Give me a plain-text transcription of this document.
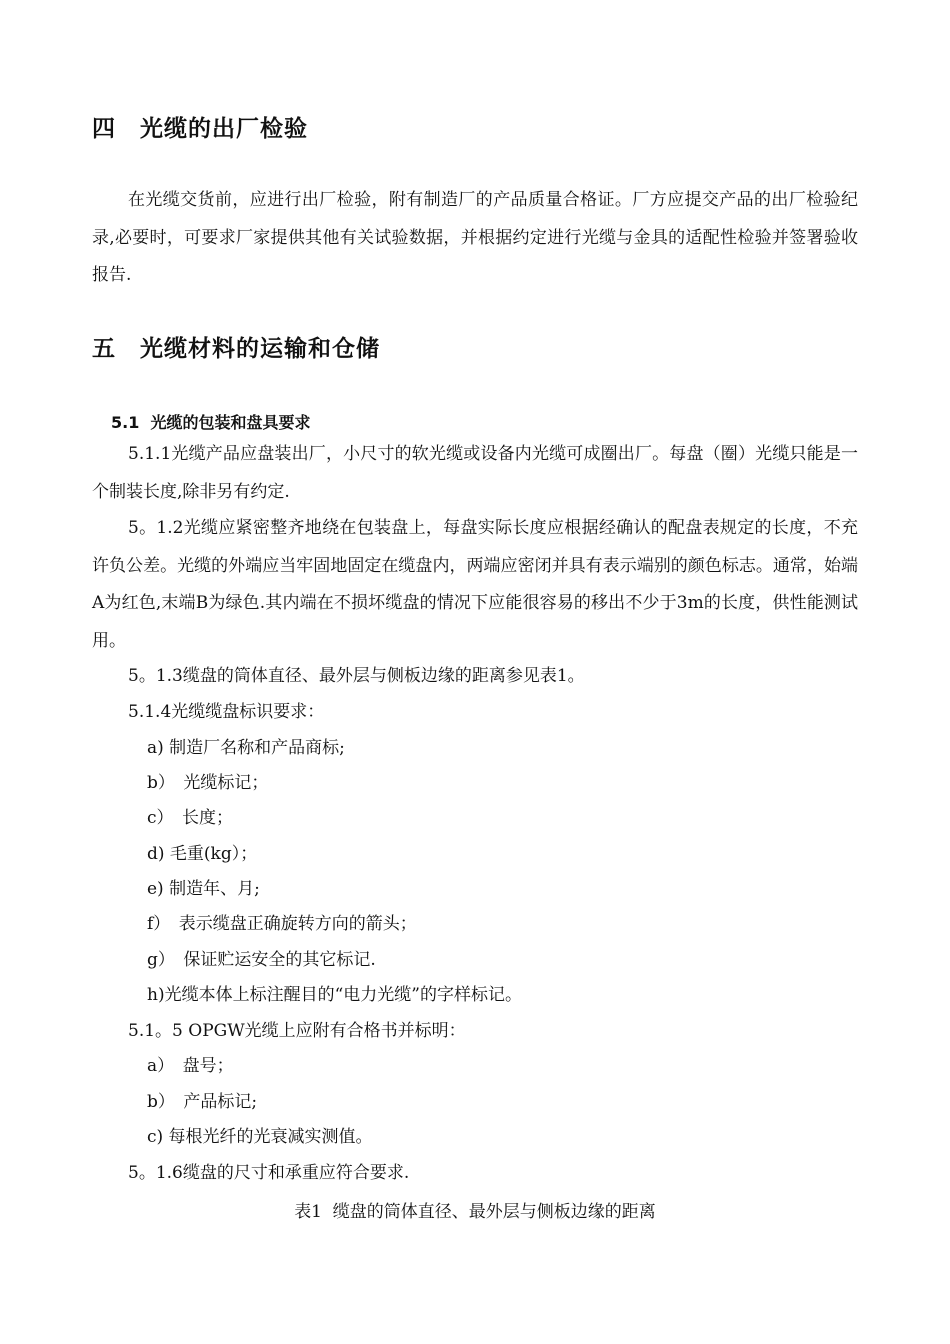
四　光缆的出厂检验
在光缆交货前，应进行出厂检验，附有制造厂的产品质量合格证。厂方应提交产品的出厂检验纪录,必要时，可要求厂家提供其他有关试验数据，并根据约定进行光缆与金具的适配性检验并签署验收报告.
五　光缆材料的运输和仓储
5.1  光缆的包装和盘具要求
5.1.1光缆产品应盘装出厂，小尺寸的软光缆或设备内光缆可成圈出厂。每盘（圈）光缆只能是一个制装长度,除非另有约定.
5。1.2光缆应紧密整齐地绕在包装盘上，每盘实际长度应根据经确认的配盘表规定的长度，不充许负公差。光缆的外端应当牢固地固定在缆盘内，两端应密闭并具有表示端别的颜色标志。通常，始端A为红色,末端B为绿色.其内端在不损坏缆盘的情况下应能很容易的移出不少于3m的长度，供性能测试用。
5。1.3缆盘的筒体直径、最外层与侧板边缘的距离参见表1。
5.1.4光缆缆盘标识要求：
a) 制造厂名称和产品商标;
b）　光缆标记；
c）　长度；
d) 毛重(kg）；
e) 制造年、月;
f）　表示缆盘正确旋转方向的箭头；
g）　保证贮运安全的其它标记.
h)光缆本体上标注醒目的“电力光缆”的字样标记。
5.1。5 OPGW光缆上应附有合格书并标明：
a）　盘号；
b）　产品标记;
c) 每根光纤的光衰减实测值。
5。1.6缆盘的尺寸和承重应符合要求.
表1  缆盘的筒体直径、最外层与侧板边缘的距离
